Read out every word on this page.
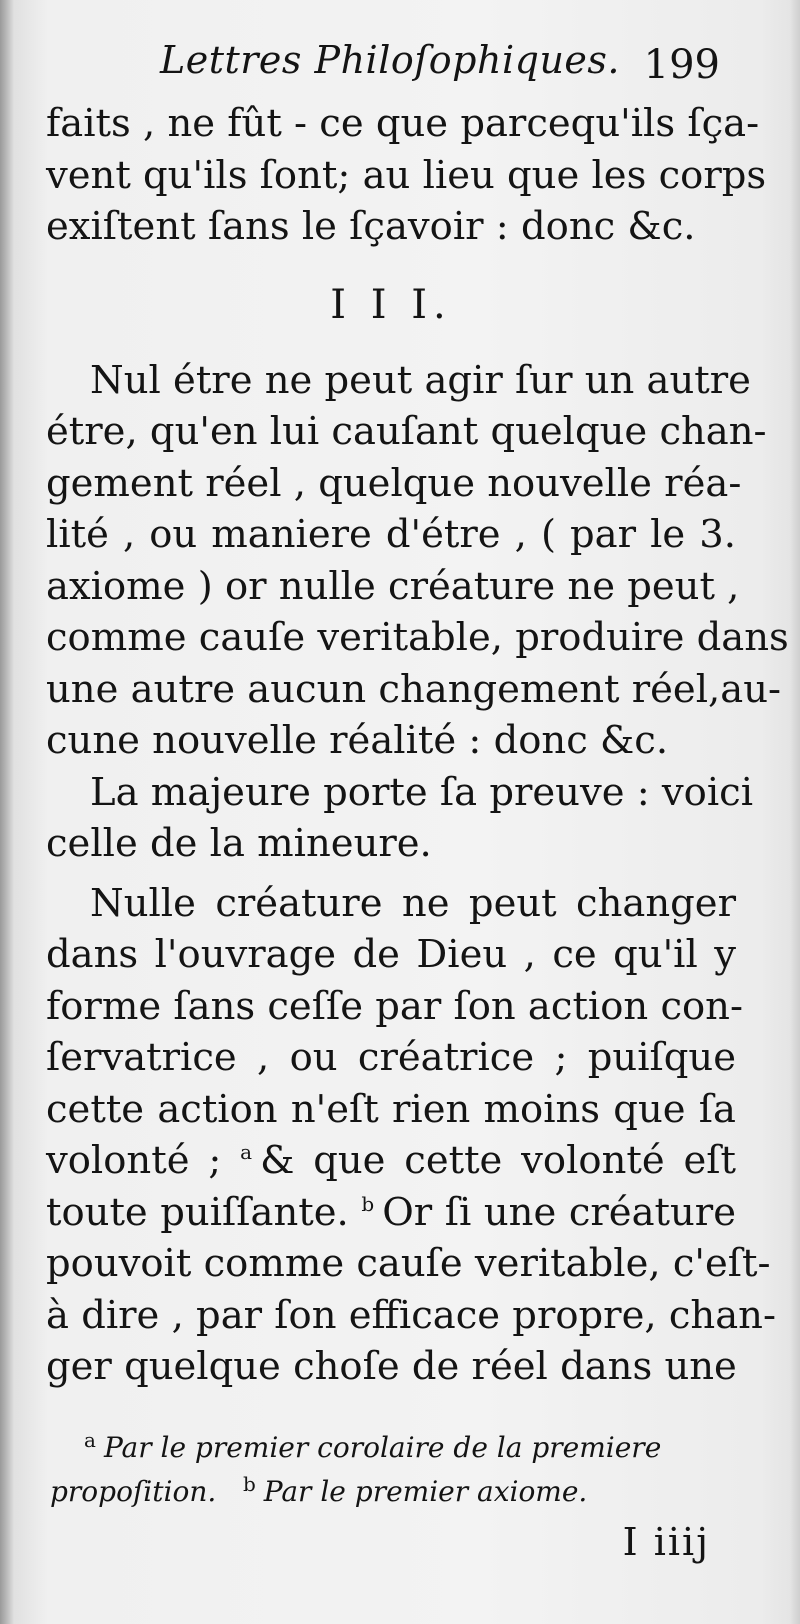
Lettres Philoſophiques. 199
faits , ne fût - ce que parcequ'ils ſça-
vent qu'ils ſont; au lieu que les corps
exiſtent ſans le ſçavoir : donc &c.
I I I.
Nul étre ne peut agir ſur un autre
étre, qu'en lui cauſant quelque chan-
gement réel , quelque nouvelle réa-
lité , ou maniere d'étre , ( par le 3.
axiome ) or nulle créature ne peut ,
comme cauſe veritable, produire dans
une autre aucun changement réel,au-
cune nouvelle réalité : donc &c.
La majeure porte ſa preuve : voici
celle de la mineure.
Nulle créature ne peut changer
dans l'ouvrage de Dieu , ce qu'il y
forme ſans ceſſe par ſon action con-
ſervatrice , ou créatrice ; puiſque
cette action n'eſt rien moins que ſa
volonté ; $^a$ & que cette volonté eſt
toute puiſſante. $^b$ Or ſi une créature
pouvoit comme cauſe veritable, c'eſt-
à dire , par ſon efficace propre, chan-
ger quelque choſe de réel dans une
$^a$ Par le premier corolaire de la premiere
propoſition. $^b$ Par le premier axiome.
I iiij
